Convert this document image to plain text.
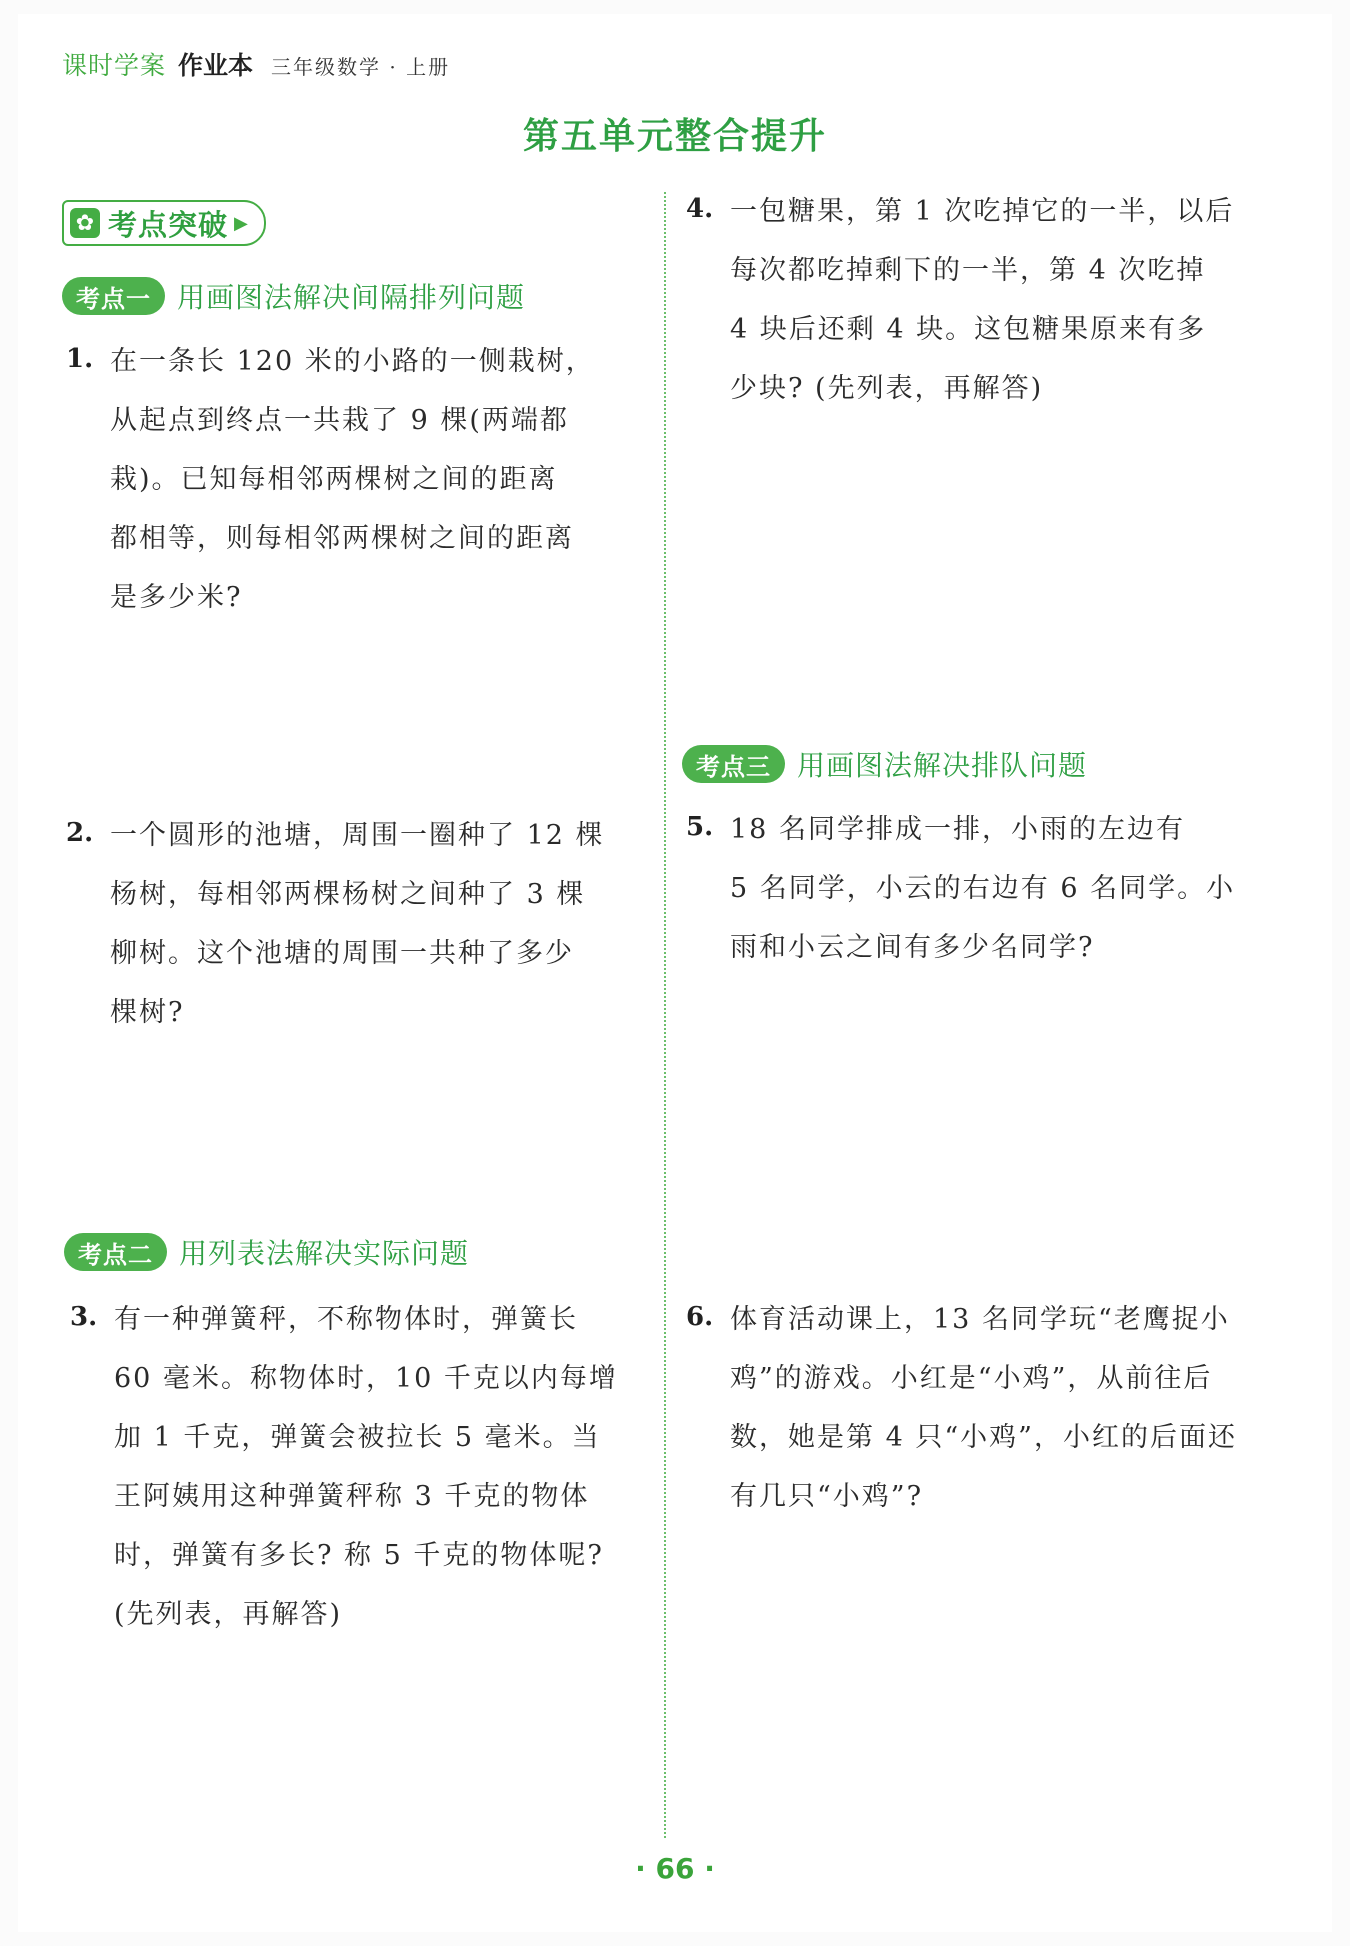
课时学案 作业本 三年级数学 · 上册
第五单元整合提升
✿ 考点突破 ▶
考点一 用画图法解决间隔排列问题
1. 在一条长 120 米的小路的一侧栽树，
从起点到终点一共栽了 9 棵(两端都
栽)。已知每相邻两棵树之间的距离
都相等，则每相邻两棵树之间的距离
是多少米?
2. 一个圆形的池塘，周围一圈种了 12 棵
杨树，每相邻两棵杨树之间种了 3 棵
柳树。这个池塘的周围一共种了多少
棵树?
考点二 用列表法解决实际问题
3. 有一种弹簧秤，不称物体时，弹簧长
60 毫米。称物体时，10 千克以内每增
加 1 千克，弹簧会被拉长 5 毫米。当
王阿姨用这种弹簧秤称 3 千克的物体
时，弹簧有多长? 称 5 千克的物体呢?
(先列表，再解答)
4. 一包糖果，第 1 次吃掉它的一半，以后
每次都吃掉剩下的一半，第 4 次吃掉
4 块后还剩 4 块。这包糖果原来有多
少块? (先列表，再解答)
考点三 用画图法解决排队问题
5. 18 名同学排成一排，小雨的左边有
5 名同学，小云的右边有 6 名同学。小
雨和小云之间有多少名同学?
6. 体育活动课上，13 名同学玩“老鹰捉小
鸡”的游戏。小红是“小鸡”，从前往后
数，她是第 4 只“小鸡”，小红的后面还
有几只“小鸡”?
· 66 ·
